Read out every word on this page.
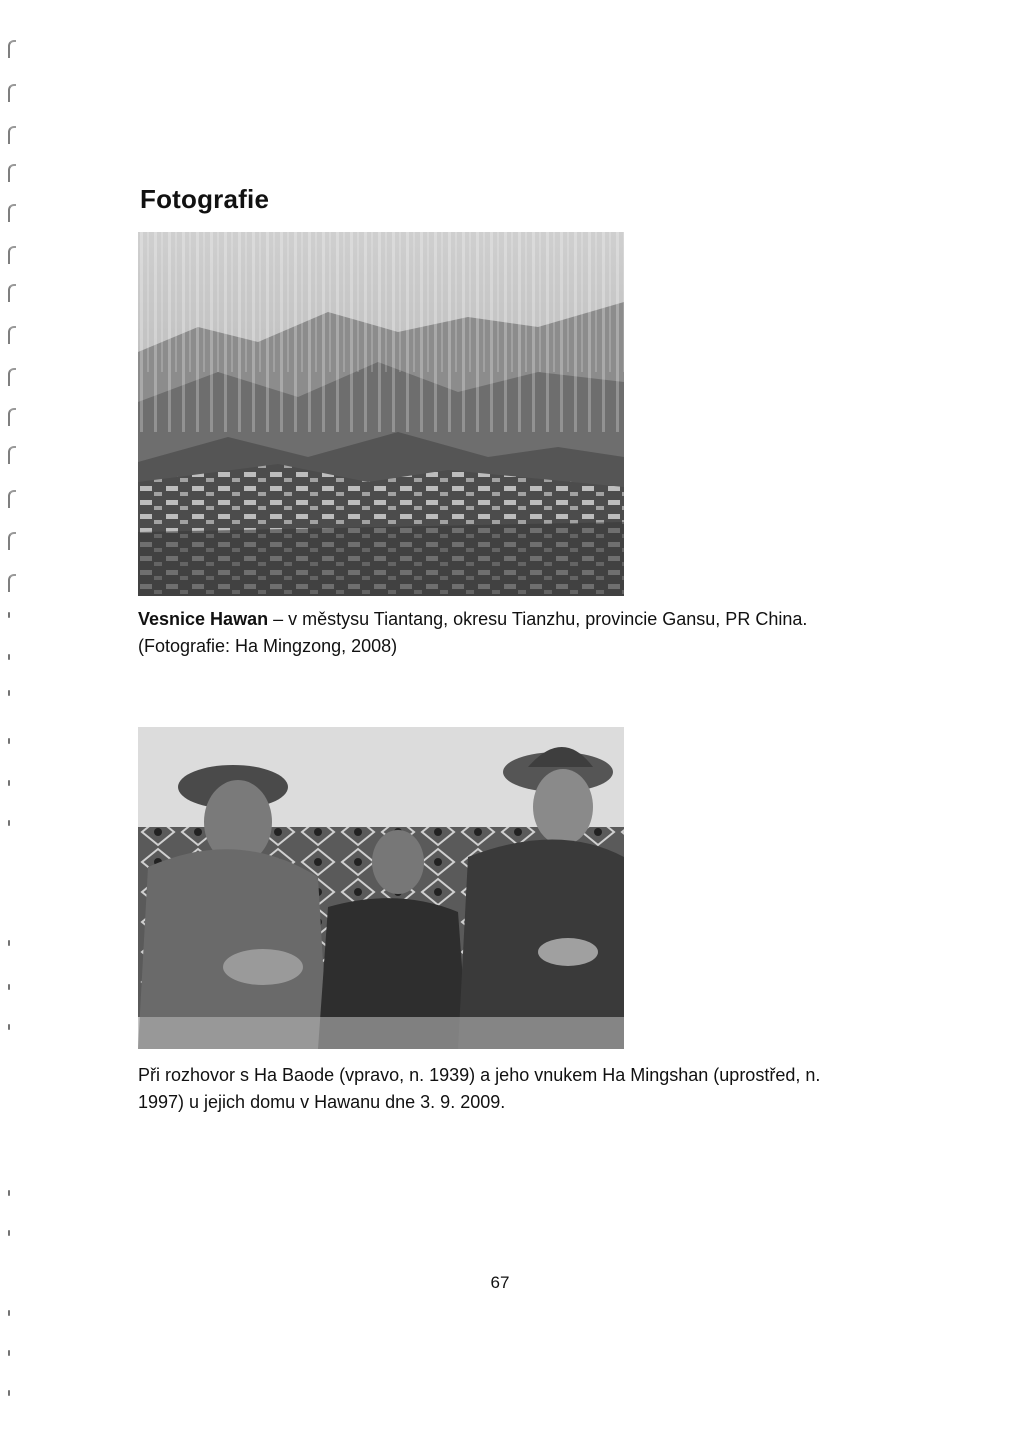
Fotografie
Vesnice Hawan – v městysu Tiantang, okresu Tianzhu, provincie Gansu, PR China.
(Fotografie: Ha Mingzong, 2008)
Při rozhovor s Ha Baode (vpravo, n. 1939) a jeho vnukem Ha Mingshan (uprostřed, n.
1997) u jejich domu v Hawanu dne 3. 9. 2009.
67
